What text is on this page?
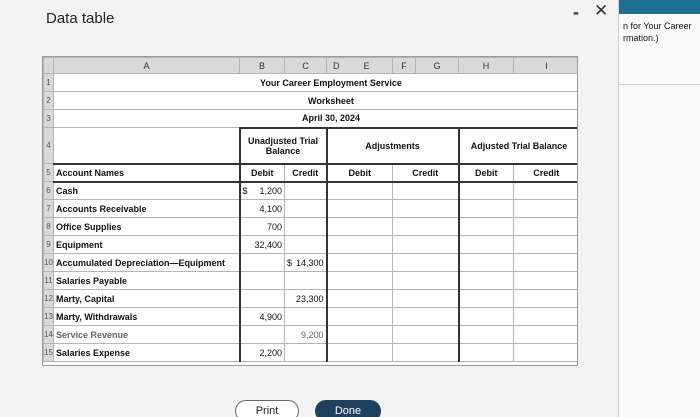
Data table	- ✕
	A	B	C	D E	F	G	H	I
1	Your Career Employment Service							
2	Worksheet							
3	April 30, 2024							
4		Unadjusted Trial Balance		Adjustments			Adjusted Trial Balance	
5	Account Names	Debit	Credit	Debit	Credit		Debit	Credit
6	Cash	$ 1,200						
7	Accounts Receivable	4,100						
8	Office Supplies	700						
9	Equipment	32,400						
10	Accumulated Depreciation—Equipment		$ 14,300					
11	Salaries Payable							
12	Marty, Capital		23,300					
13	Marty, Withdrawals	4,900						
14	Service Revenue		9,200					
15	Salaries Expense	2,200						
Print	Done
n for Your Career
rmation.)
